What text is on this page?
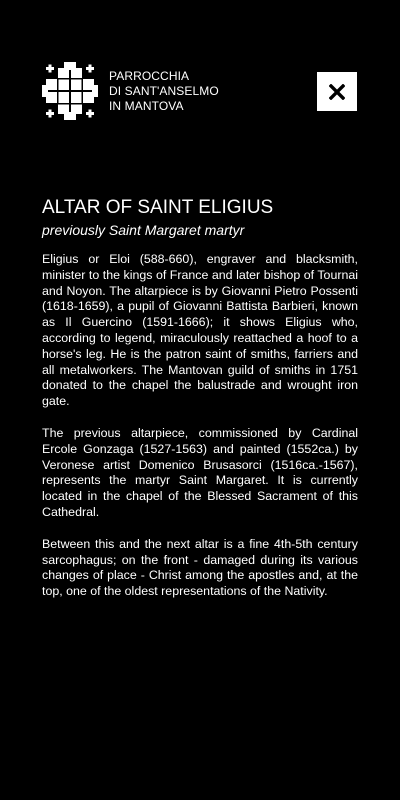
PARROCCHIA
DI SANT'ANSELMO
IN MANTOVA
ALTAR OF SAINT ELIGIUS
previously Saint Margaret martyr

Eligius or Eloi (588-660), engraver and blacksmith, minister to the kings of France and later bishop of Tournai and Noyon. The altarpiece is by Giovanni Pietro Possenti (1618-1659), a pupil of Giovanni Battista Barbieri, known as Il Guercino (1591-1666); it shows Eligius who, according to legend, miraculously reattached a hoof to a horse's leg. He is the patron saint of smiths, farriers and all metalworkers. The Mantovan guild of smiths in 1751 donated to the chapel the balustrade and wrought iron gate.

The previous altarpiece, commissioned by Cardinal Ercole Gonzaga (1527-1563) and painted (1552ca.) by Veronese artist Domenico Brusasorci (1516ca.-1567), represents the martyr Saint Margaret. It is currently located in the chapel of the Blessed Sacrament of this Cathedral.

Between this and the next altar is a fine 4th-5th century sarcophagus; on the front - damaged during its various changes of place - Christ among the apostles and, at the top, one of the oldest representations of the Nativity.
